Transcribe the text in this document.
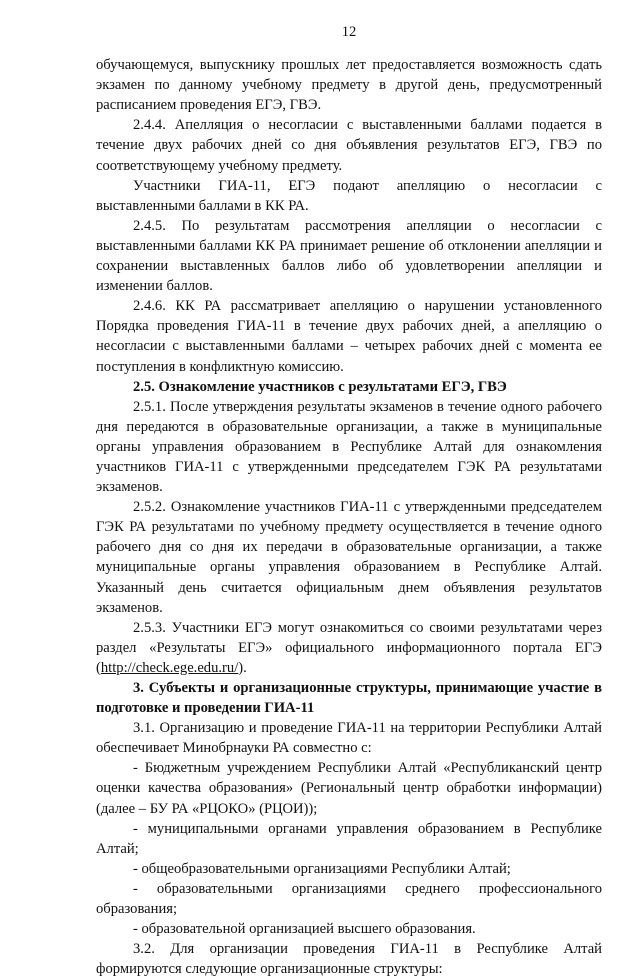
12

обучающемуся, выпускнику прошлых лет предоставляется возможность сдать экзамен по данному учебному предмету в другой день, предусмотренный расписанием проведения ЕГЭ, ГВЭ.

2.4.4. Апелляция о несогласии с выставленными баллами подается в течение двух рабочих дней со дня объявления результатов ЕГЭ, ГВЭ по соответствующему учебному предмету.

Участники ГИА-11, ЕГЭ подают апелляцию о несогласии с выставленными баллами в КК РА.

2.4.5. По результатам рассмотрения апелляции о несогласии с выставленными баллами КК РА принимает решение об отклонении апелляции и сохранении выставленных баллов либо об удовлетворении апелляции и изменении баллов.

2.4.6. КК РА рассматривает апелляцию о нарушении установленного Порядка проведения ГИА-11 в течение двух рабочих дней, а апелляцию о несогласии с выставленными баллами – четырех рабочих дней с момента ее поступления в конфликтную комиссию.

2.5. Ознакомление участников с результатами ЕГЭ, ГВЭ

2.5.1. После утверждения результаты экзаменов в течение одного рабочего дня передаются в образовательные организации, а также в муниципальные органы управления образованием в Республике Алтай для ознакомления участников ГИА-11 с утвержденными председателем ГЭК РА результатами экзаменов.

2.5.2. Ознакомление участников ГИА-11 с утвержденными председателем ГЭК РА результатами по учебному предмету осуществляется в течение одного рабочего дня со дня их передачи в образовательные организации, а также муниципальные органы управления образованием в Республике Алтай. Указанный день считается официальным днем объявления результатов экзаменов.

2.5.3. Участники ЕГЭ могут ознакомиться со своими результатами через раздел «Результаты ЕГЭ» официального информационного портала ЕГЭ (http://check.ege.edu.ru/).

3. Субъекты и организационные структуры, принимающие участие в подготовке и проведении ГИА-11

3.1. Организацию и проведение ГИА-11 на территории Республики Алтай обеспечивает Минобрнауки РА совместно с:

- Бюджетным учреждением Республики Алтай «Республиканский центр оценки качества образования» (Региональный центр обработки информации) (далее – БУ РА «РЦОКО» (РЦОИ));

- муниципальными органами управления образованием в Республике Алтай;

- общеобразовательными организациями Республики Алтай;

- образовательными организациями среднего профессионального образования;

- образовательной организацией высшего образования.

3.2. Для организации проведения ГИА-11 в Республике Алтай формируются следующие организационные структуры:
